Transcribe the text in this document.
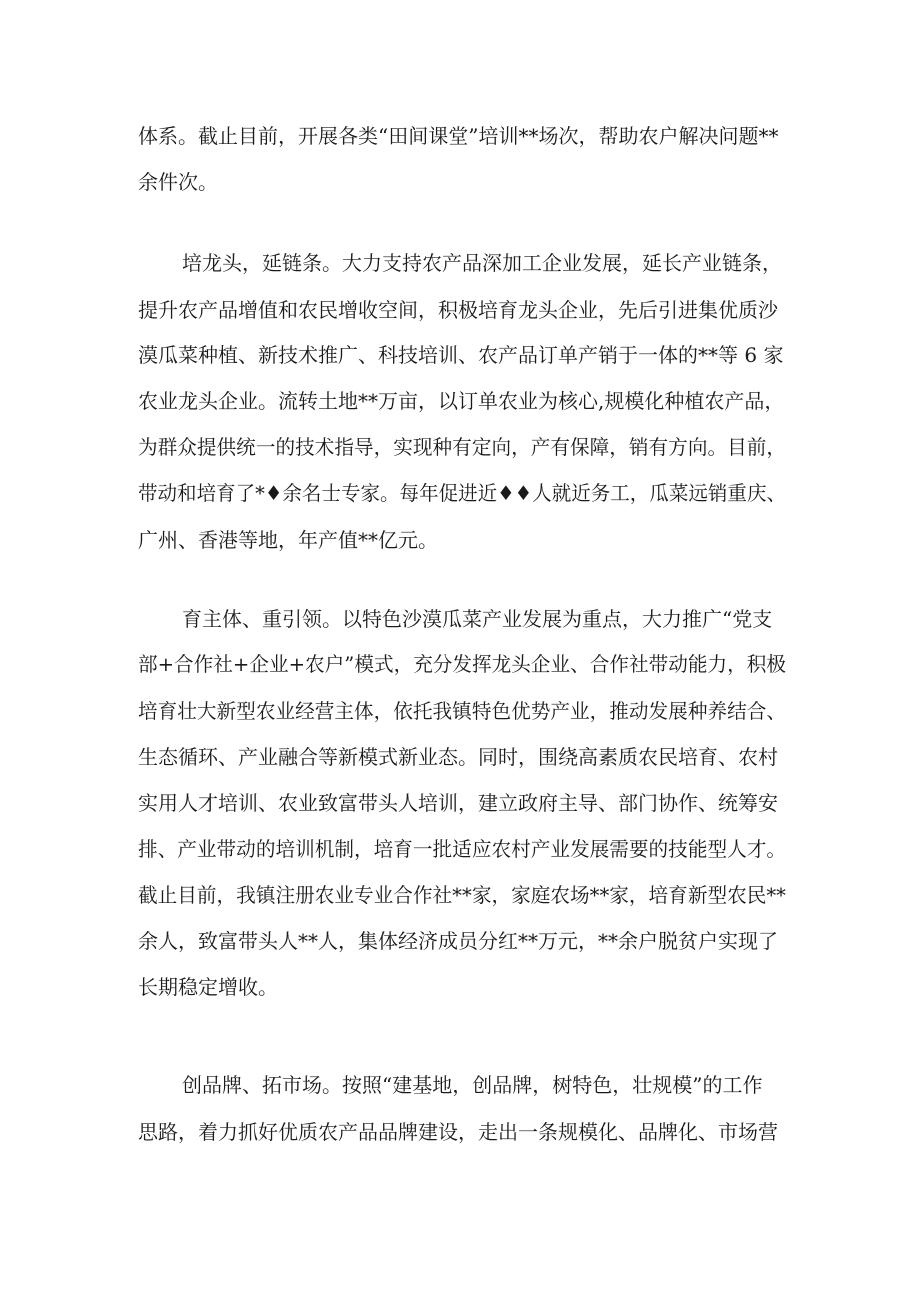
体系。截止目前，开展各类“田间课堂”培训**场次，帮助农户解决问题**
余件次。
培龙头，延链条。大力支持农产品深加工企业发展，延长产业链条，
提升农产品增值和农民增收空间，积极培育龙头企业，先后引进集优质沙
漠瓜菜种植、新技术推广、科技培训、农产品订单产销于一体的**等 6 家
农业龙头企业。流转土地**万亩，以订单农业为核心,规模化种植农产品，
为群众提供统一的技术指导，实现种有定向，产有保障，销有方向。目前，
带动和培育了*♦余名士专家。每年促进近♦♦人就近务工，瓜菜远销重庆、
广州、香港等地，年产值**亿元。
育主体、重引领。以特色沙漠瓜菜产业发展为重点，大力推广“党支
部+合作社+企业+农户”模式，充分发挥龙头企业、合作社带动能力，积极
培育壮大新型农业经营主体，依托我镇特色优势产业，推动发展种养结合、
生态循环、产业融合等新模式新业态。同时，围绕高素质农民培育、农村
实用人才培训、农业致富带头人培训，建立政府主导、部门协作、统筹安
排、产业带动的培训机制，培育一批适应农村产业发展需要的技能型人才。
截止目前，我镇注册农业专业合作社**家，家庭农场**家，培育新型农民**
余人，致富带头人**人，集体经济成员分红**万元，**余户脱贫户实现了
长期稳定增收。
创品牌、拓市场。按照“建基地，创品牌，树特色，壮规模”的工作
思路，着力抓好优质农产品品牌建设，走出一条规模化、品牌化、市场营
